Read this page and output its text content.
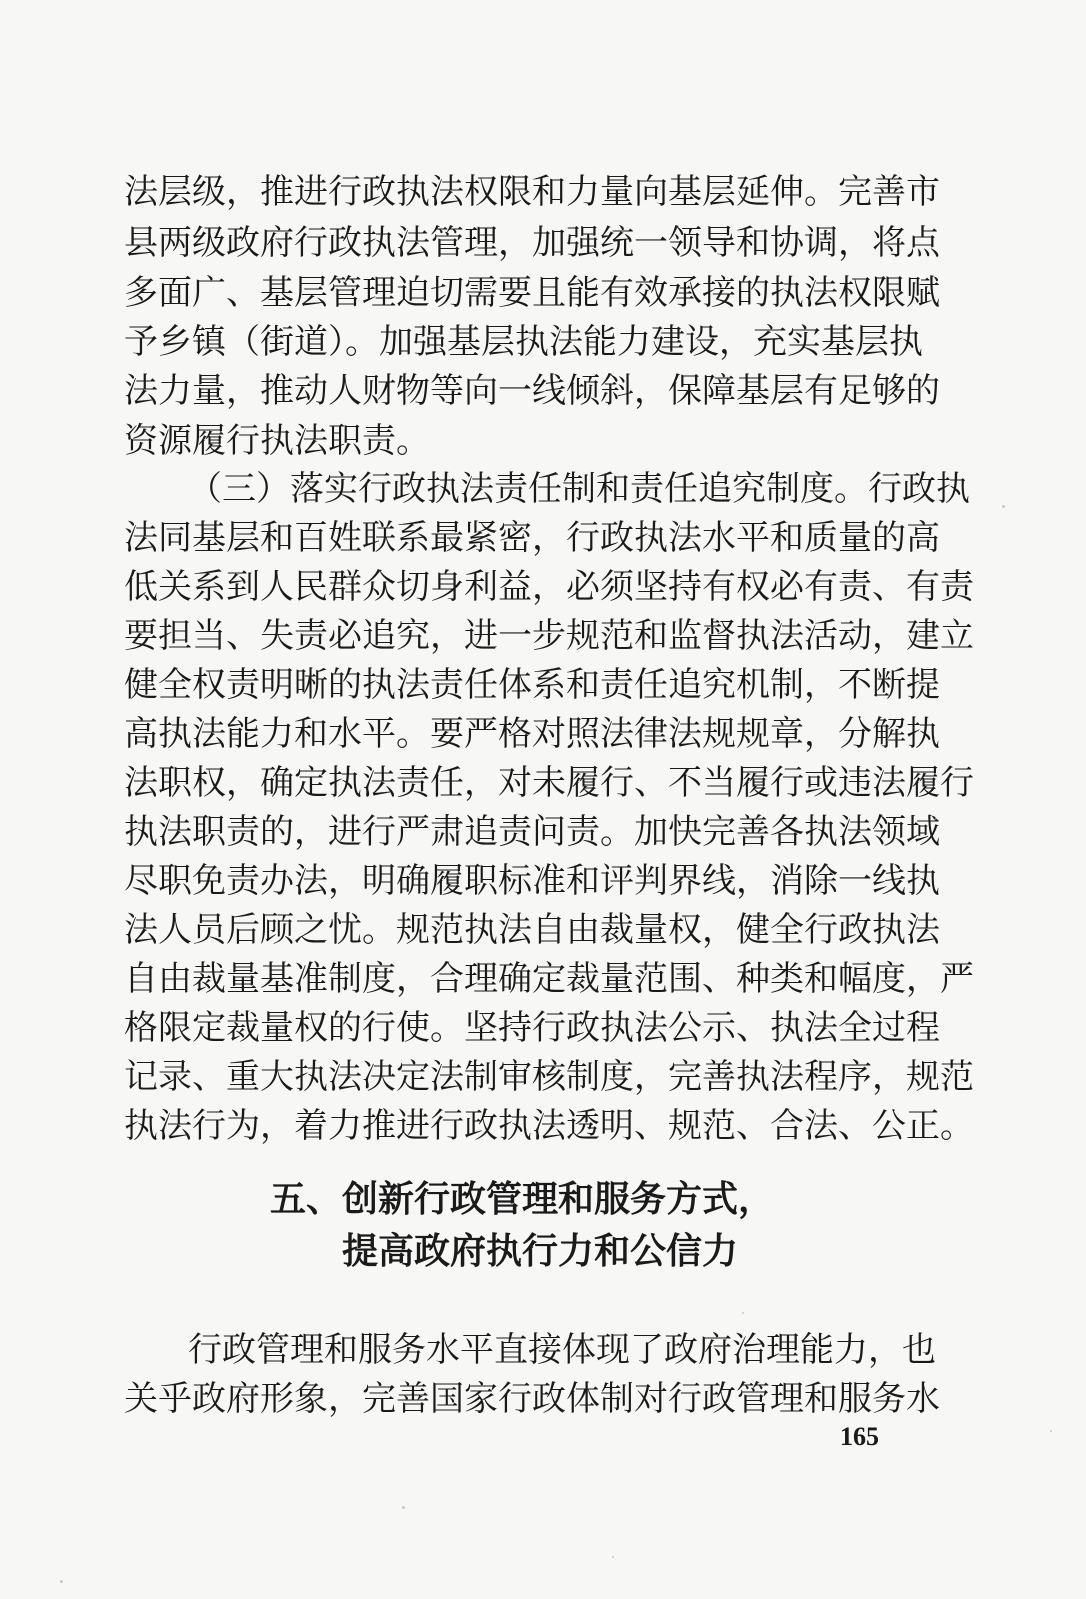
法层级，推进行政执法权限和力量向基层延伸。完善市
县两级政府行政执法管理，加强统一领导和协调，将点
多面广、基层管理迫切需要且能有效承接的执法权限赋
予乡镇（街道）。加强基层执法能力建设，充实基层执
法力量，推动人财物等向一线倾斜，保障基层有足够的
资源履行执法职责。
（三）落实行政执法责任制和责任追究制度。行政执
法同基层和百姓联系最紧密，行政执法水平和质量的高
低关系到人民群众切身利益，必须坚持有权必有责、有责
要担当、失责必追究，进一步规范和监督执法活动，建立
健全权责明晰的执法责任体系和责任追究机制，不断提
高执法能力和水平。要严格对照法律法规规章，分解执
法职权，确定执法责任，对未履行、不当履行或违法履行
执法职责的，进行严肃追责问责。加快完善各执法领域
尽职免责办法，明确履职标准和评判界线，消除一线执
法人员后顾之忧。规范执法自由裁量权，健全行政执法
自由裁量基准制度，合理确定裁量范围、种类和幅度，严
格限定裁量权的行使。坚持行政执法公示、执法全过程
记录、重大执法决定法制审核制度，完善执法程序，规范
执法行为，着力推进行政执法透明、规范、合法、公正。
五、创新行政管理和服务方式，
提高政府执行力和公信力
行政管理和服务水平直接体现了政府治理能力，也
关乎政府形象，完善国家行政体制对行政管理和服务水
165
